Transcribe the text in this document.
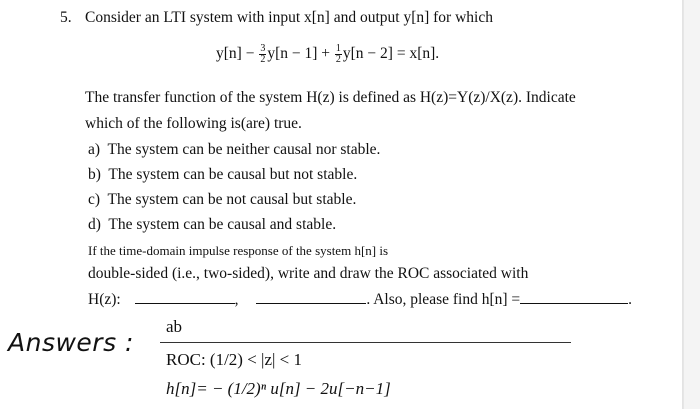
5. Consider an LTI system with input x[n] and output y[n] for which
$y[n] - \frac{3}{2} y[n - 1] + \frac{1}{2} y[n - 2] = x[n]$.
The transfer function of the system H(z) is defined as H(z)=Y(z)/X(z). Indicate
which of the following is(are) true.
a) The system can be neither causal nor stable.
b) The system can be causal but not stable.
c) The system can be not causal but stable.
d) The system can be causal and stable.
If the time-domain impulse response of the system h[n] is
double-sided (i.e., two-sided), write and draw the ROC associated with
H(z):	,	. Also, please find h[n] =	.
Answers :
ab
ROC: (1/2) < |z| < 1
h[n]= − (1/2)ⁿ u[n] − 2u[−n−1]
